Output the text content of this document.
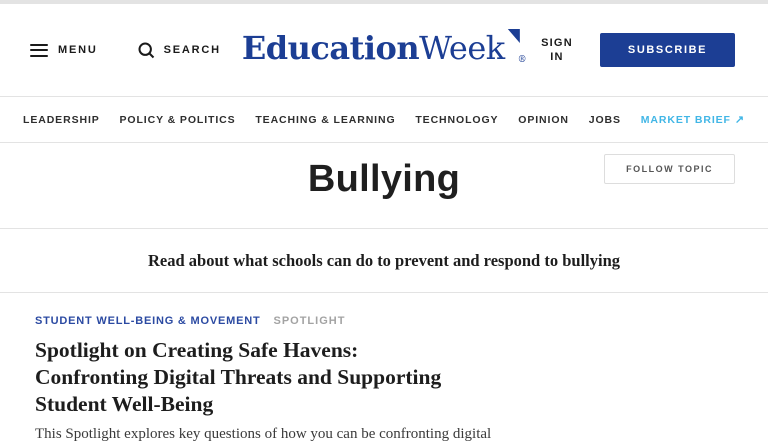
MENU	SEARCH Education Week ®
SIGN IN
SUBSCRIBE
LEADERSHIP POLICY & POLITICS TEACHING & LEARNING TECHNOLOGY OPINION JOBS MARKET BRIEF ↗
Bullying	FOLLOW TOPIC

Read about what schools can do to prevent and respond to bullying

STUDENT WELL-BEING & MOVEMENT SPOTLIGHT
Spotlight on Creating Safe Havens:
Confronting Digital Threats and Supporting
Student Well-Being

This Spotlight explores key questions of how you can be confronting digital
